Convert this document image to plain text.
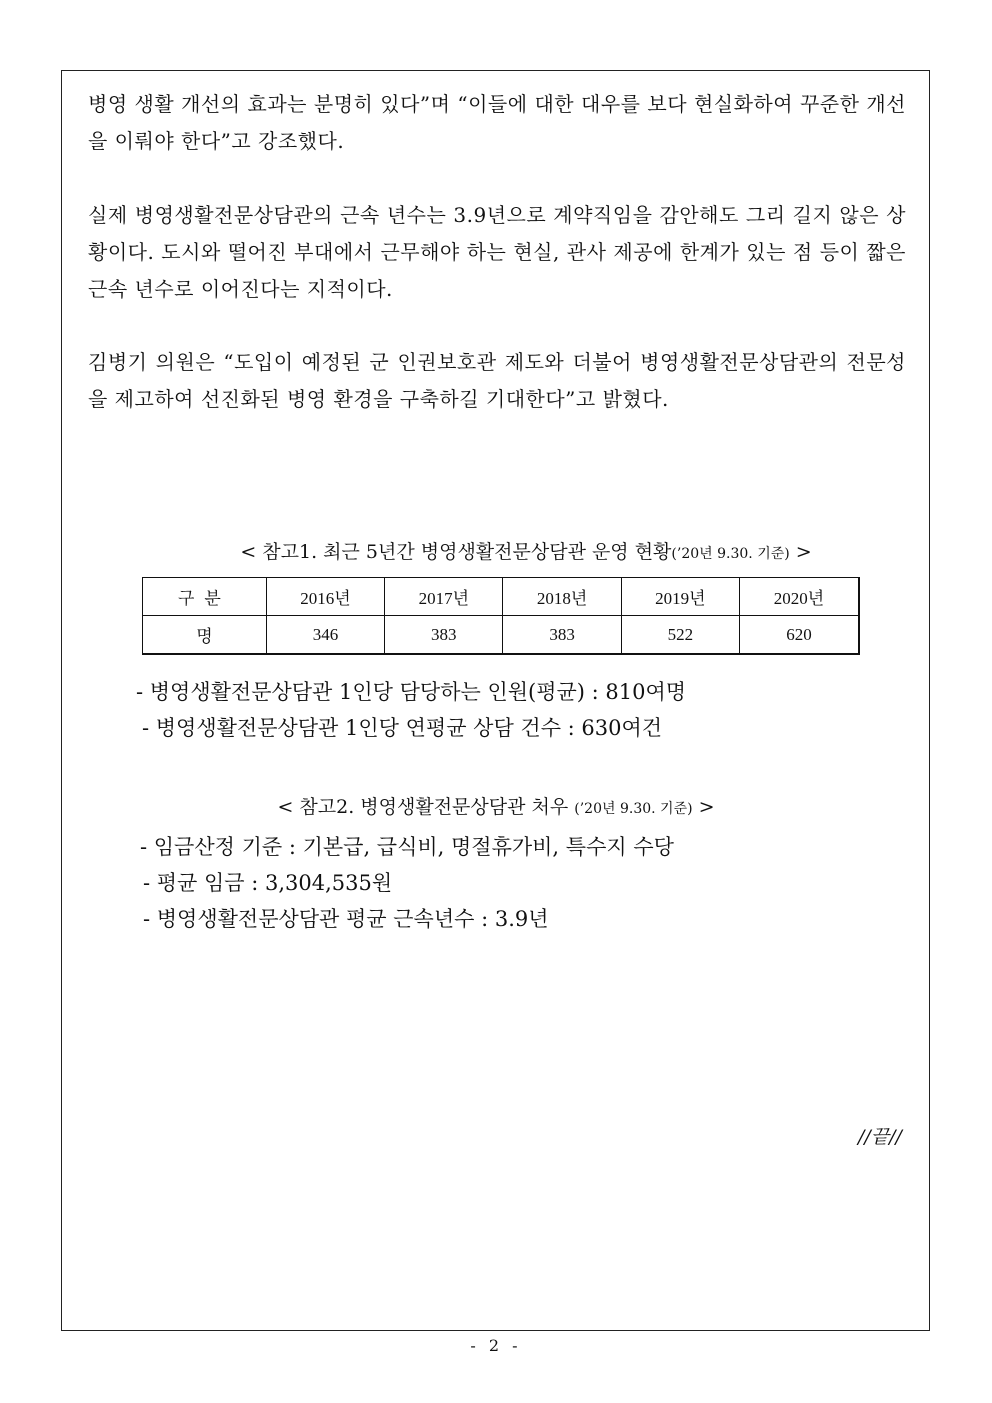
병영 생활 개선의 효과는 분명히 있다”며 “이들에 대한 대우를 보다 현실화하여 꾸준한 개선을 이뤄야 한다”고 강조했다.
실제 병영생활전문상담관의 근속 년수는 3.9년으로 계약직임을 감안해도 그리 길지 않은 상황이다. 도시와 떨어진 부대에서 근무해야 하는 현실, 관사 제공에 한계가 있는 점 등이 짧은 근속 년수로 이어진다는 지적이다.
김병기 의원은 “도입이 예정된 군 인권보호관 제도와 더불어 병영생활전문상담관의 전문성을 제고하여 선진화된 병영 환경을 구축하길 기대한다”고 밝혔다.
< 참고1. 최근 5년간 병영생활전문상담관 운영 현황(’20년 9.30. 기준) >
구분	2016년	2017년	2018년	2019년	2020년
명	346	383	383	522	620
- 병영생활전문상담관 1인당 담당하는 인원(평균) : 810여명
- 병영생활전문상담관 1인당 연평균 상담 건수 : 630여건
< 참고2. 병영생활전문상담관 처우 (’20년 9.30. 기준) >
- 임금산정 기준 : 기본급, 급식비, 명절휴가비, 특수지 수당
- 평균 임금 : 3,304,535원
- 병영생활전문상담관 평균 근속년수 : 3.9년
//끝//
- 2 -
